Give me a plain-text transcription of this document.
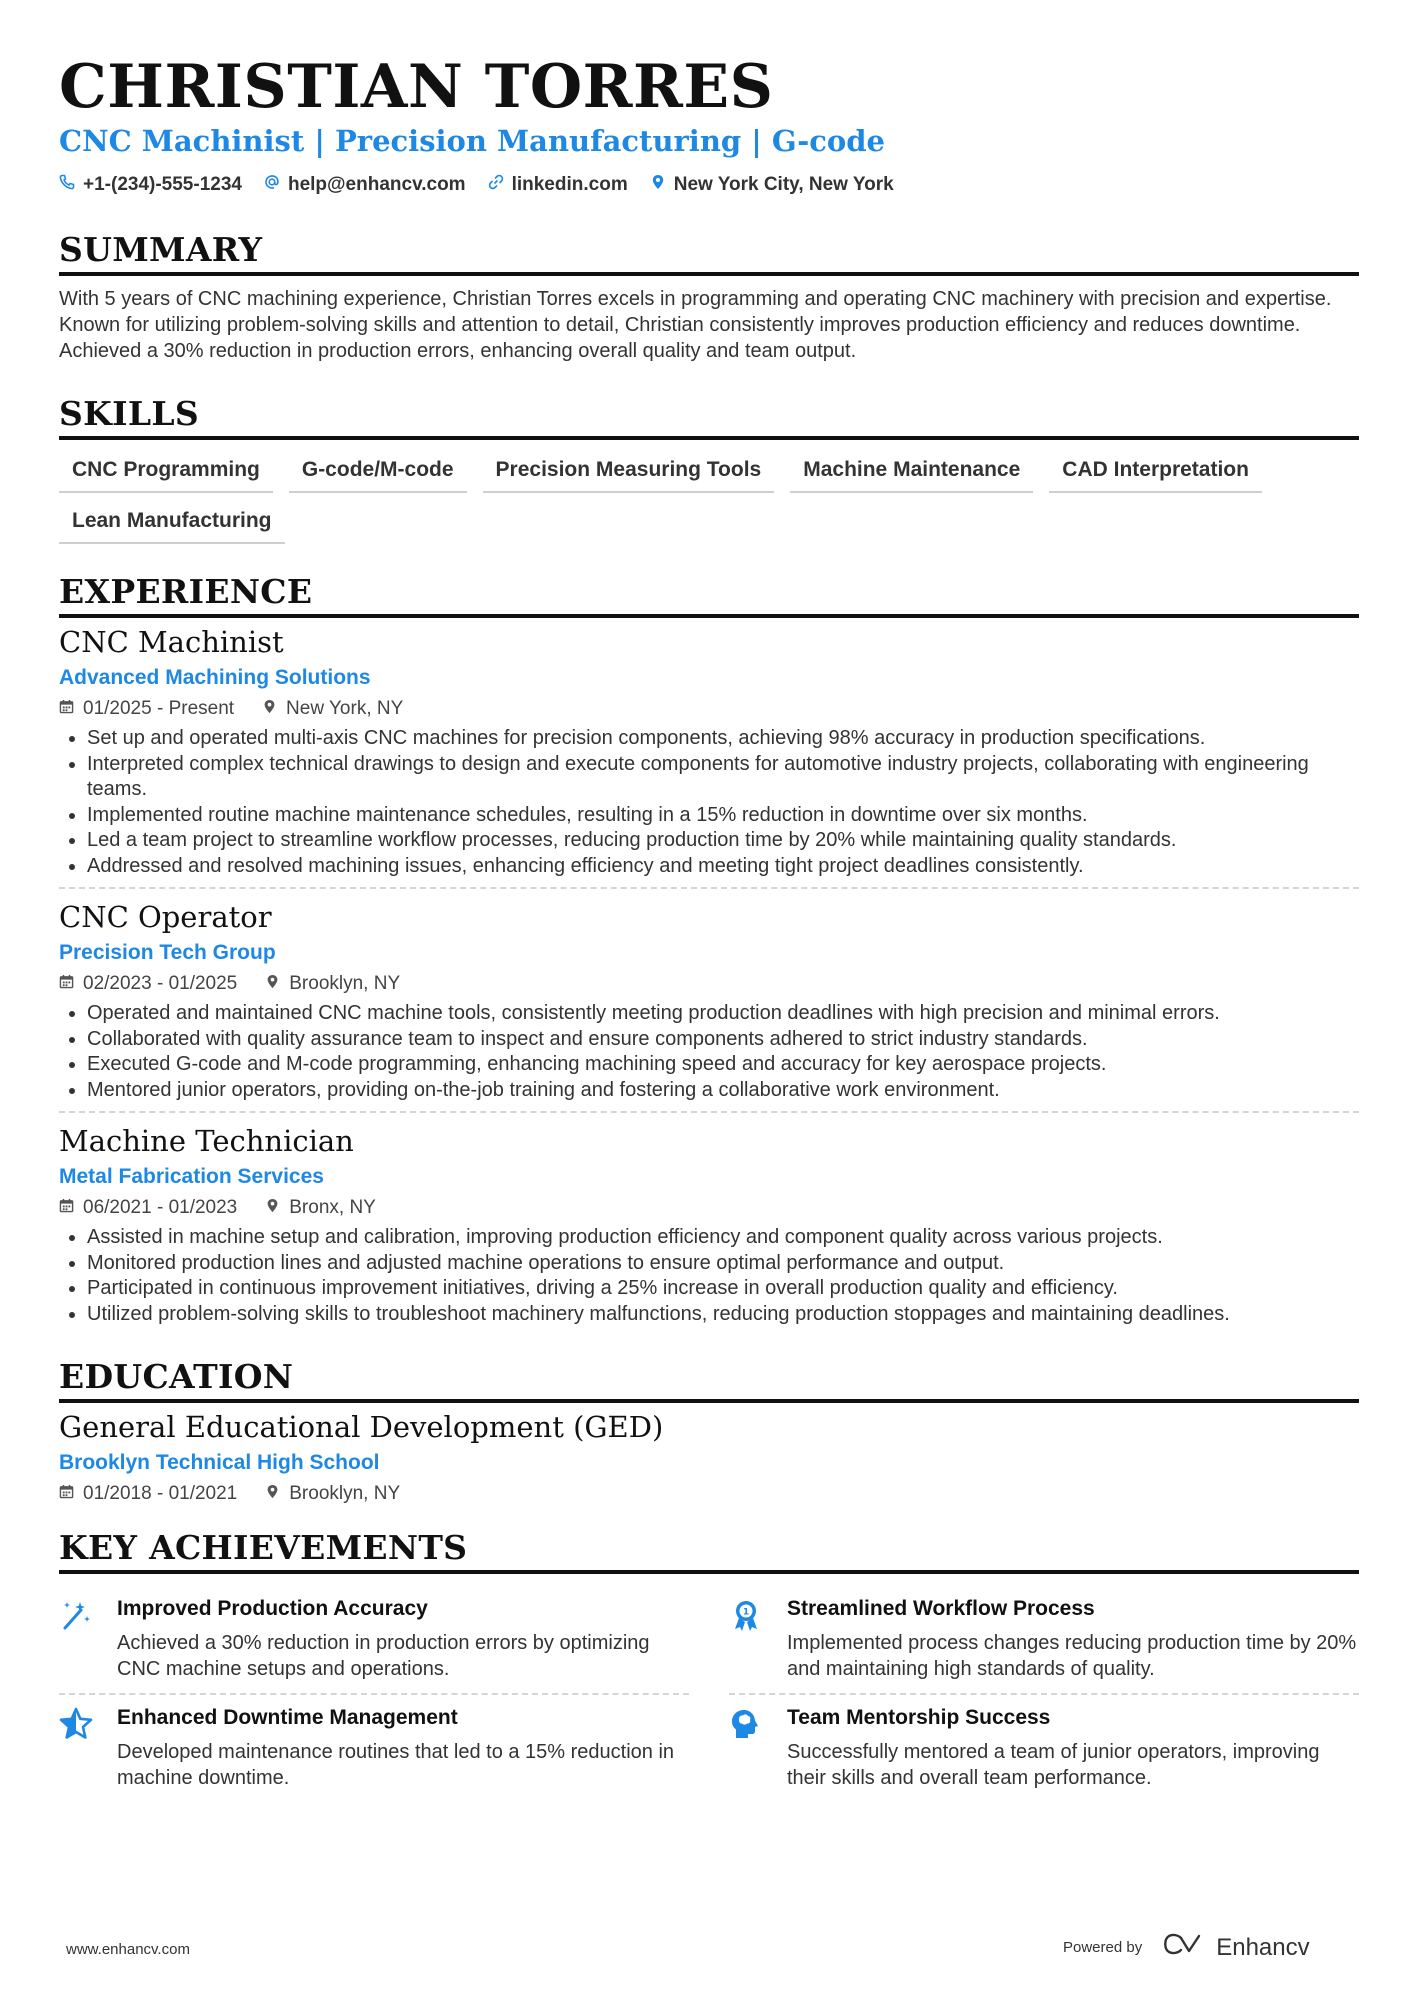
CHRISTIAN TORRES
CNC Machinist | Precision Manufacturing | G-code
+1-(234)-555-1234 help@enhancv.com linkedin.com New York City, New York
SUMMARY
With 5 years of CNC machining experience, Christian Torres excels in programming and operating CNC machinery with precision and expertise. Known for utilizing problem-solving skills and attention to detail, Christian consistently improves production efficiency and reduces downtime. Achieved a 30% reduction in production errors, enhancing overall quality and team output.
SKILLS
CNC Programming	G-code/M-code	Precision Measuring Tools	Machine Maintenance	CAD Interpretation
Lean Manufacturing
EXPERIENCE
CNC Machinist
Advanced Machining Solutions
01/2025 - Present	New York, NY
• Set up and operated multi-axis CNC machines for precision components, achieving 98% accuracy in production specifications.
• Interpreted complex technical drawings to design and execute components for automotive industry projects, collaborating with engineering teams.
• Implemented routine machine maintenance schedules, resulting in a 15% reduction in downtime over six months.
• Led a team project to streamline workflow processes, reducing production time by 20% while maintaining quality standards.
• Addressed and resolved machining issues, enhancing efficiency and meeting tight project deadlines consistently.
CNC Operator
Precision Tech Group
02/2023 - 01/2025	Brooklyn, NY
• Operated and maintained CNC machine tools, consistently meeting production deadlines with high precision and minimal errors.
• Collaborated with quality assurance team to inspect and ensure components adhered to strict industry standards.
• Executed G-code and M-code programming, enhancing machining speed and accuracy for key aerospace projects.
• Mentored junior operators, providing on-the-job training and fostering a collaborative work environment.
Machine Technician
Metal Fabrication Services
06/2021 - 01/2023	Bronx, NY
• Assisted in machine setup and calibration, improving production efficiency and component quality across various projects.
• Monitored production lines and adjusted machine operations to ensure optimal performance and output.
• Participated in continuous improvement initiatives, driving a 25% increase in overall production quality and efficiency.
• Utilized problem-solving skills to troubleshoot machinery malfunctions, reducing production stoppages and maintaining deadlines.
EDUCATION
General Educational Development (GED)
Brooklyn Technical High School
01/2018 - 01/2021	Brooklyn, NY
KEY ACHIEVEMENTS
Improved Production Accuracy
Achieved a 30% reduction in production errors by optimizing CNC machine setups and operations.
1 Streamlined Workflow Process
Implemented process changes reducing production time by 20% and maintaining high standards of quality.
Enhanced Downtime Management
Developed maintenance routines that led to a 15% reduction in machine downtime.
Team Mentorship Success
Successfully mentored a team of junior operators, improving their skills and overall team performance.
www.enhancv.com	Powered by	Enhancv
